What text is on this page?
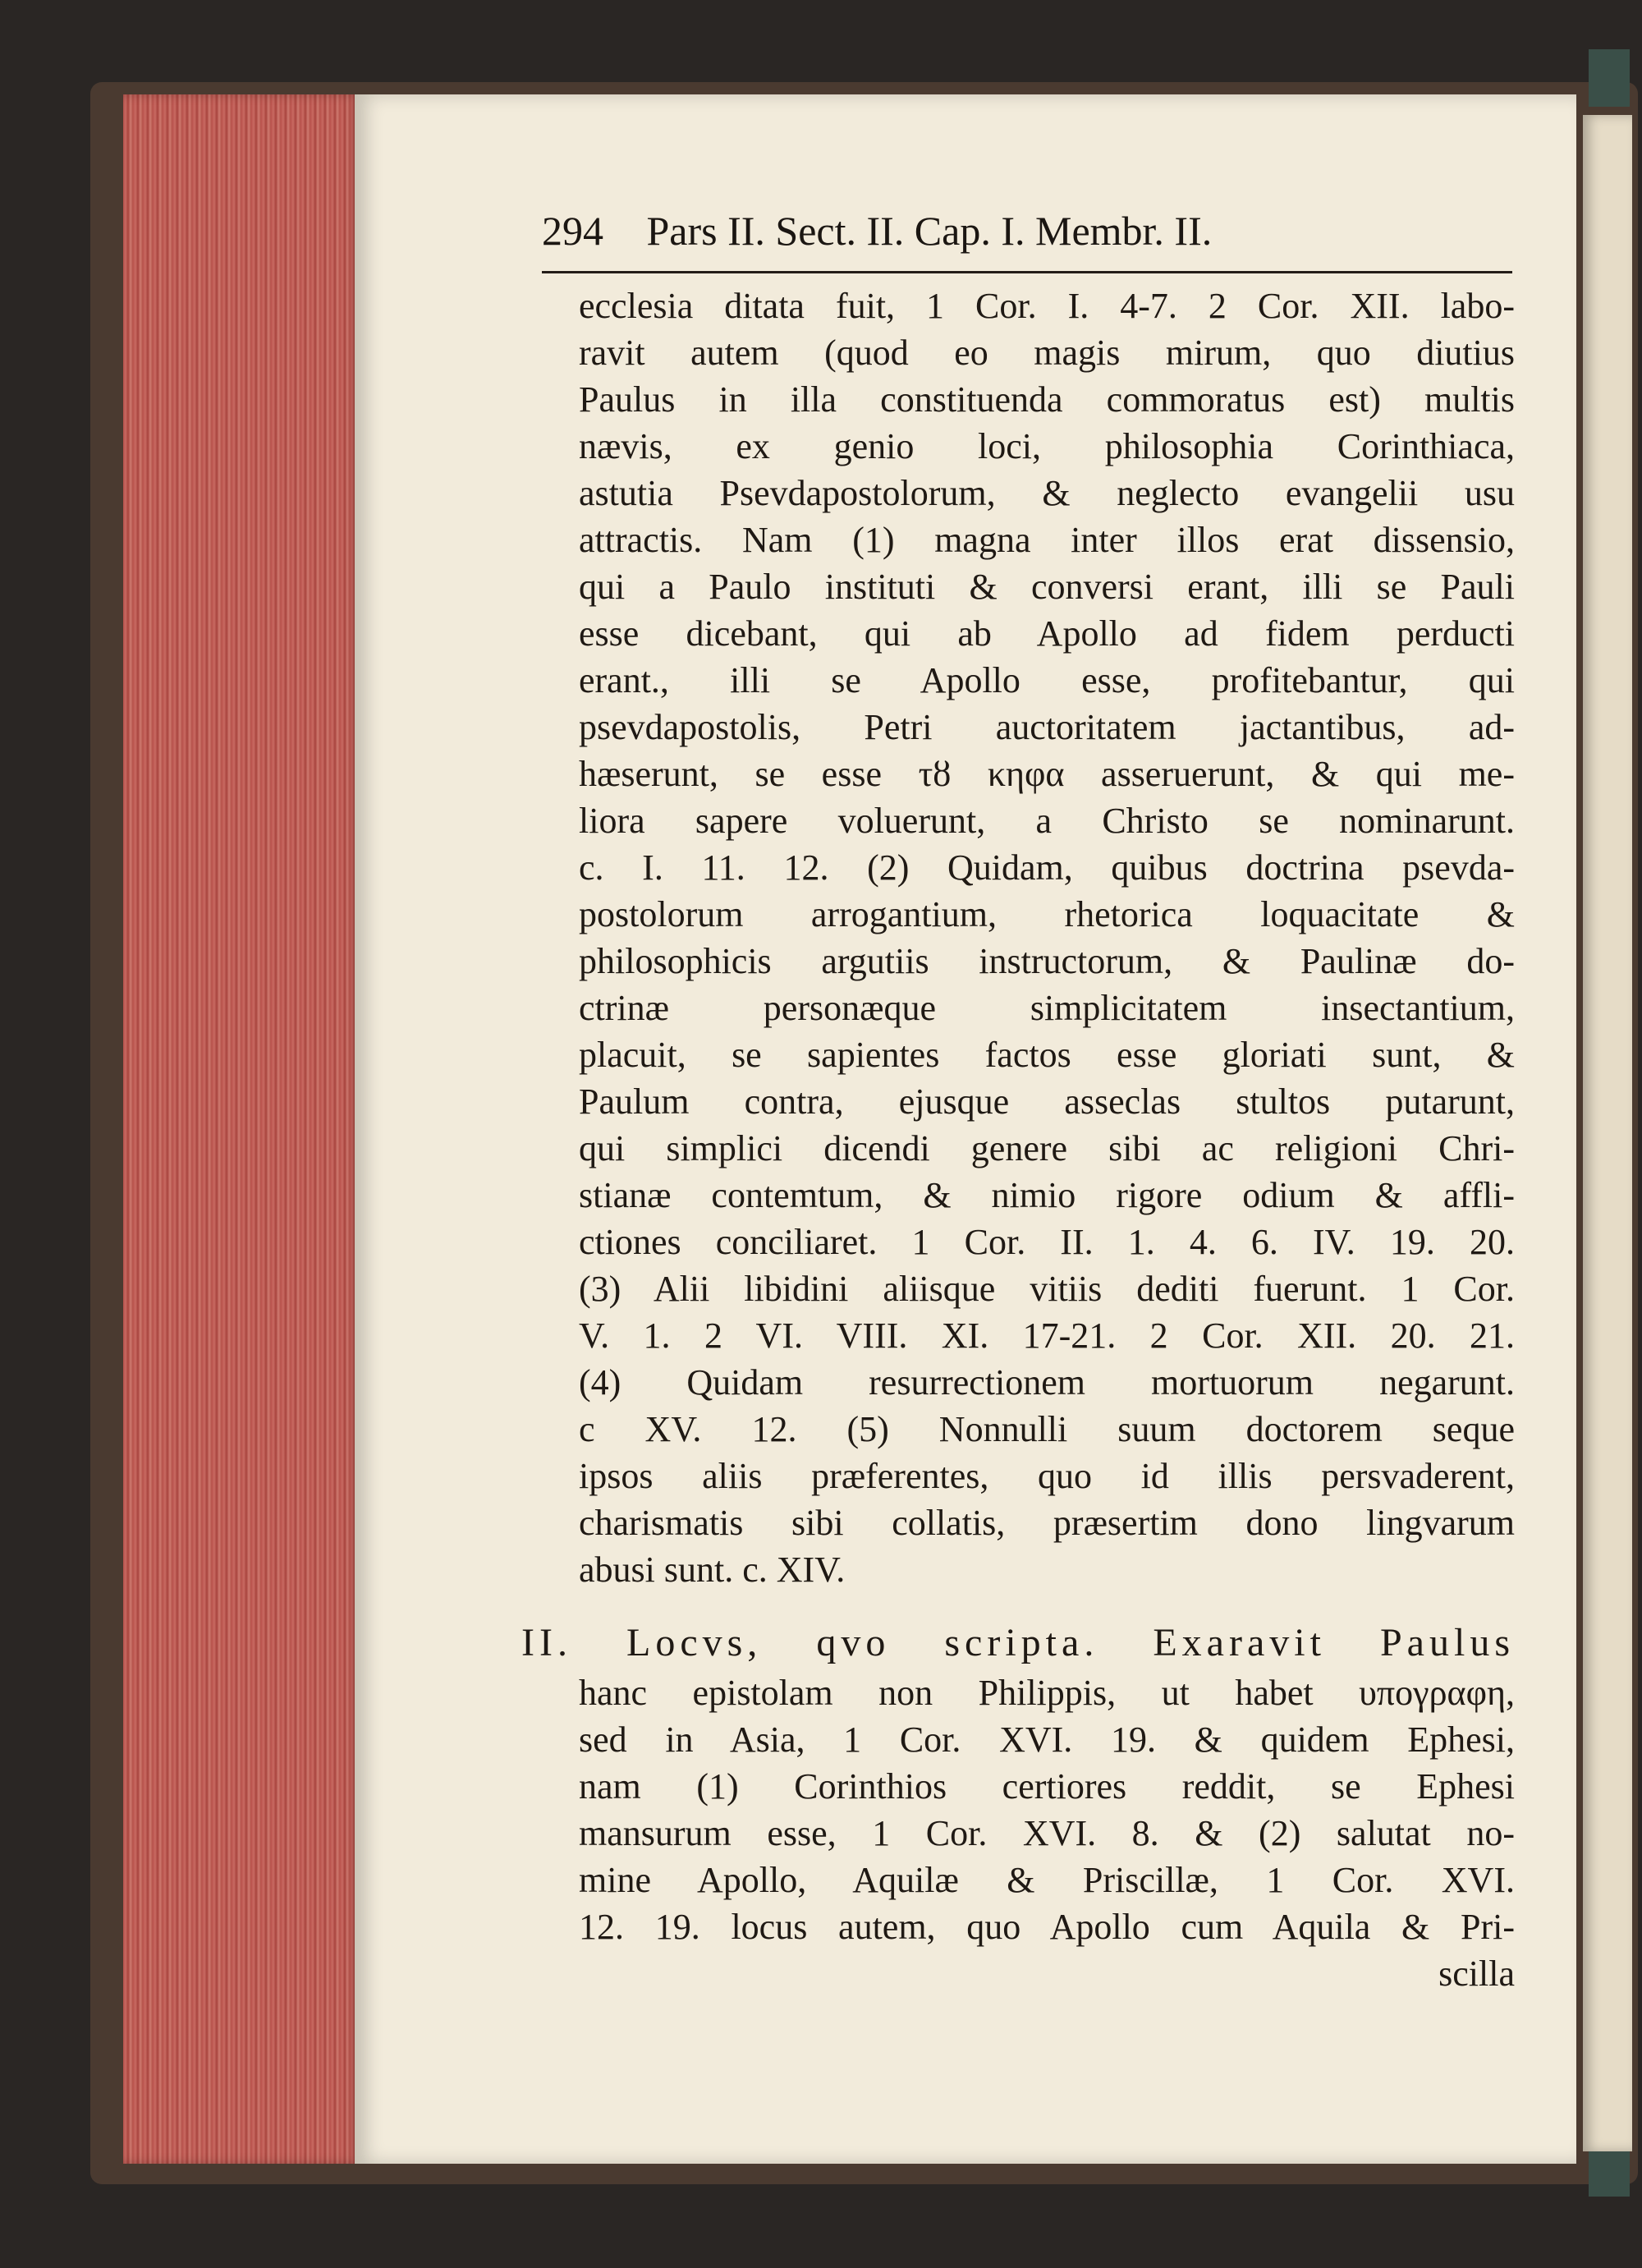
294 Pars II. Sect. II. Cap. I. Membr. II.
ecclesia ditata fuit, 1 Cor. I. 4-7. 2 Cor. XII. labo-
ravit autem (quod eo magis mirum, quo diutius
Paulus in illa constituenda commoratus est) multis
nævis, ex genio loci, philosophia Corinthiaca,
astutia Psevdapostolorum, & neglecto evangelii usu
attractis. Nam (1) magna inter illos erat dissensio,
qui a Paulo instituti & conversi erant, illi se Pauli
esse dicebant, qui ab Apollo ad fidem perducti
erant., illi se Apollo esse, profitebantur, qui
psevdapostolis, Petri auctoritatem jactantibus, ad-
hæserunt, se esse τȣ κηφα asseruerunt, & qui me-
liora sapere voluerunt, a Christo se nominarunt.
c. I. 11. 12. (2) Quidam, quibus doctrina psevda-
postolorum arrogantium, rhetorica loquacitate &
philosophicis argutiis instructorum, & Paulinæ do-
ctrinæ personæque simplicitatem insectantium,
placuit, se sapientes factos esse gloriati sunt, &
Paulum contra, ejusque asseclas stultos putarunt,
qui simplici dicendi genere sibi ac religioni Chri-
stianæ contemtum, & nimio rigore odium & affli-
ctiones conciliaret. 1 Cor. II. 1. 4. 6. IV. 19. 20.
(3) Alii libidini aliisque vitiis dediti fuerunt. 1 Cor.
V. 1. 2 VI. VIII. XI. 17-21. 2 Cor. XII. 20. 21.
(4) Quidam resurrectionem mortuorum negarunt.
c XV. 12. (5) Nonnulli suum doctorem seque
ipsos aliis præferentes, quo id illis persvaderent,
charismatis sibi collatis, præsertim dono lingvarum
abusi sunt. c. XIV.
II. Locvs, qvo scripta. Exaravit Paulus
hanc epistolam non Philippis, ut habet υπογραφη,
sed in Asia, 1 Cor. XVI. 19. & quidem Ephesi,
nam (1) Corinthios certiores reddit, se Ephesi
mansurum esse, 1 Cor. XVI. 8. & (2) salutat no-
mine Apollo, Aquilæ & Priscillæ, 1 Cor. XVI.
12. 19. locus autem, quo Apollo cum Aquila & Pri-
scilla
